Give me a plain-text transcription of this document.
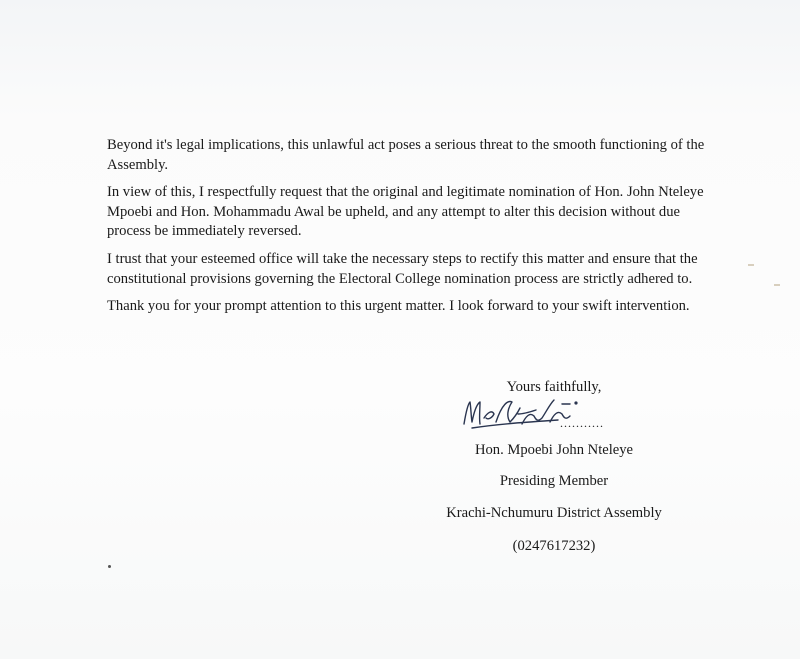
Beyond it's legal implications, this unlawful act poses a serious threat to the smooth functioning of the Assembly.

In view of this, I respectfully request that the original and legitimate nomination of Hon. John Nteleye Mpoebi and Hon. Mohammadu Awal be upheld, and any attempt to alter this decision without due process be immediately reversed.

I trust that your esteemed office will take the necessary steps to rectify this matter and ensure that the constitutional provisions governing the Electoral College nomination process are strictly adhered to.

Thank you for your prompt attention to this urgent matter. I look forward to your swift intervention.

Yours faithfully,
...........
Hon. Mpoebi John Nteleye
Presiding Member
Krachi-Nchumuru District Assembly
(0247617232)
